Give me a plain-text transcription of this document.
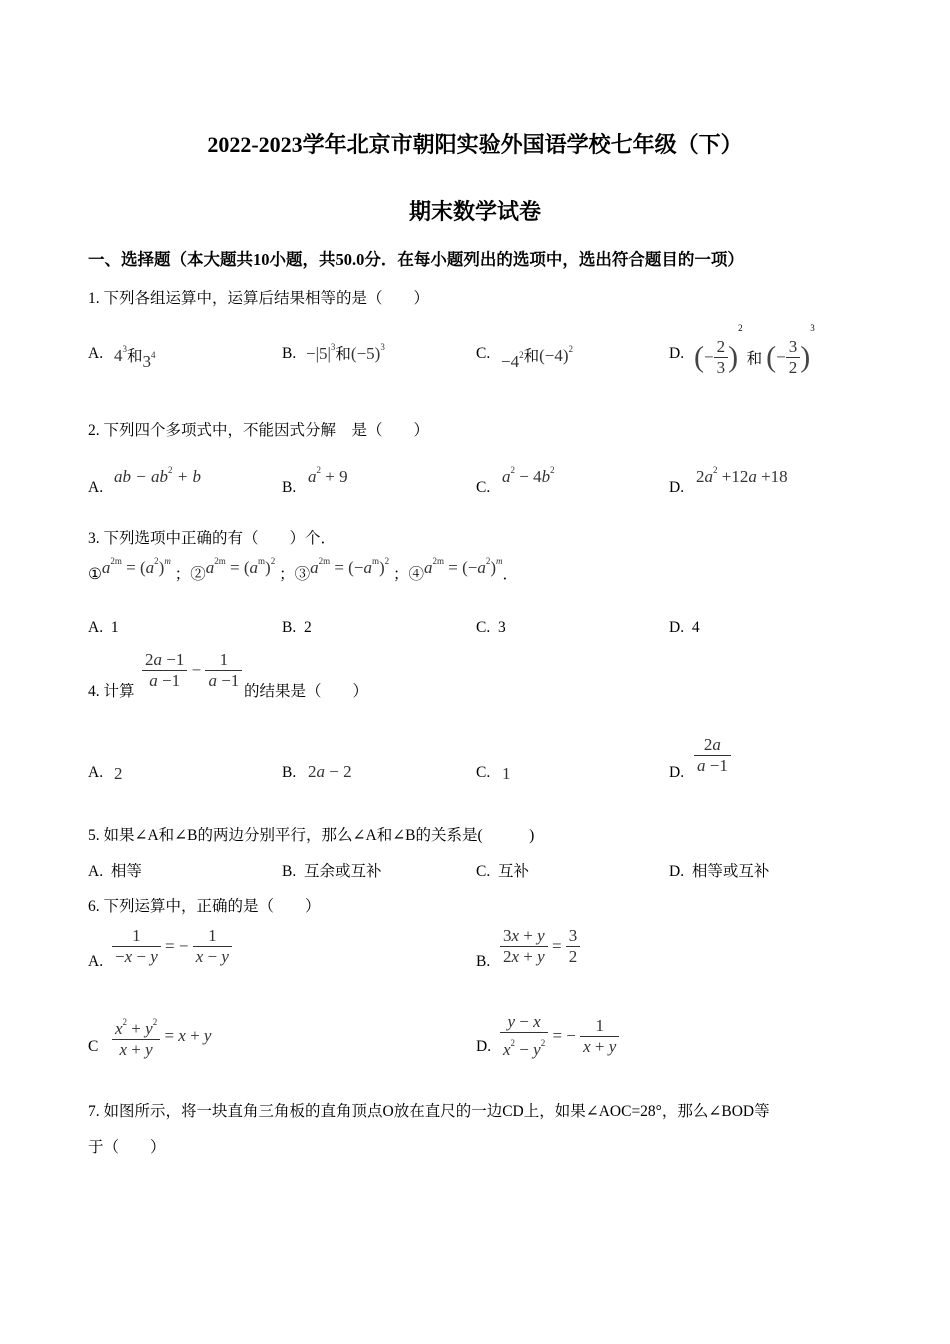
2022-2023学年北京市朝阳实验外国语学校七年级（下）
期末数学试卷
一、选择题（本大题共10小题，共50.0分．在每小题列出的选项中，选出符合题目的一项）
1. 下列各组运算中，运算后结果相等的是（　　）
A. $4^3$和$3^4$	B. $-|5|^3$和$(-5)^3$	C. $-4^2$和$(-4)^2$	D. (− $\frac{2}{3} )^2$ 和 (− $\frac{3}{2} )^3$
2. 下列四个多项式中，不能因式分解　是（　　）
A.
ab − $ab^2 + b$
B.
$a^2 + 9$
C.
$a^2 - 4b^2$
D.
$2a^2 +12a +18$
3. 下列选项中正确的有（　　）个．
$①a^{2m} = (a^2)^m$ ；$②a^{2m} = (a^m)^2$ ；$③a^{2m} = (-a^m)^2$ ；$④a^{2m} = (-a^2)^m$．
A. 1	B. 2	C. 3	D. 4
4. 计算
$\frac{2a -1}{a -1} - \frac{1}{a -1}$
的结果是（　　）
A. 2	B. 2a − 2	C. 1	D. $\frac{2a}{a -1}$
5. 如果∠A和∠B的两边分别平行，那么∠A和∠B的关系是(　　　)
A. 相等	B. 互余或互补	C. 互补	D. 相等或互补
6. 下列运算中，正确的是（　　）
A. $\frac{1}{-x - y}$ = − $\frac{1}{x - y}$	B. $\frac{3x + y}{2x + y} = \frac{3}{2}$
C $\frac{x^2 + y^2}{x + y} = x + y$
D. $\frac{y - x}{x^2 - y^2}$ = − $\frac{1}{x + y}$
7. 如图所示，将一块直角三角板的直角顶点O放在直尺的一边CD上，如果∠AOC=28°，那么∠BOD等
于（　　）
